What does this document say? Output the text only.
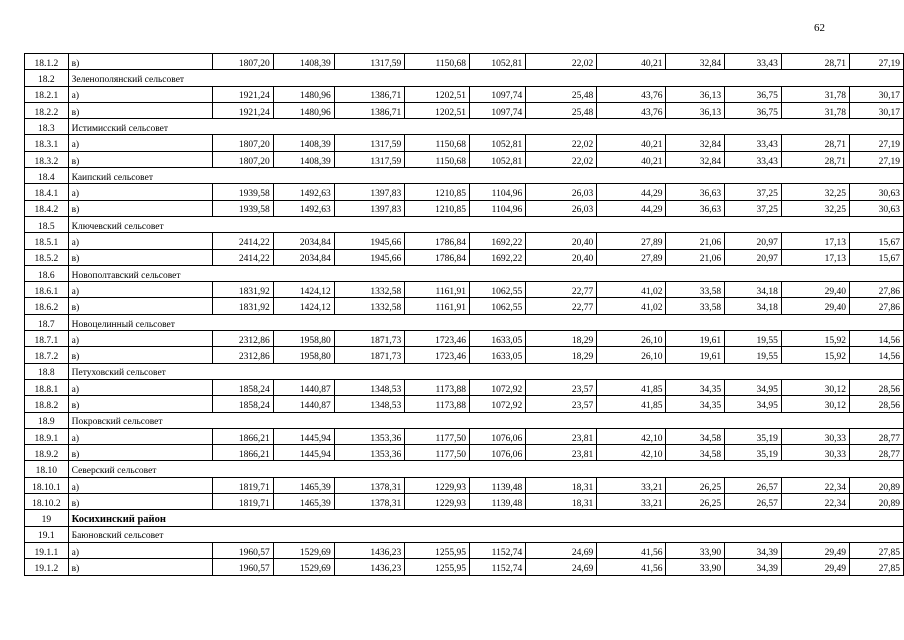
62
18.1.2	в)	1807,20	1408,39	1317,59	1150,68	1052,81	22,02	40,21	32,84	33,43	28,71	27,19
18.2	Зеленополянский сельсовет											
18.2.1	а)	1921,24	1480,96	1386,71	1202,51	1097,74	25,48	43,76	36,13	36,75	31,78	30,17
18.2.2	в)	1921,24	1480,96	1386,71	1202,51	1097,74	25,48	43,76	36,13	36,75	31,78	30,17
18.3	Истимисский сельсовет											
18.3.1	а)	1807,20	1408,39	1317,59	1150,68	1052,81	22,02	40,21	32,84	33,43	28,71	27,19
18.3.2	в)	1807,20	1408,39	1317,59	1150,68	1052,81	22,02	40,21	32,84	33,43	28,71	27,19
18.4	Каипский сельсовет											
18.4.1	а)	1939,58	1492,63	1397,83	1210,85	1104,96	26,03	44,29	36,63	37,25	32,25	30,63
18.4.2	в)	1939,58	1492,63	1397,83	1210,85	1104,96	26,03	44,29	36,63	37,25	32,25	30,63
18.5	Ключевский сельсовет											
18.5.1	а)	2414,22	2034,84	1945,66	1786,84	1692,22	20,40	27,89	21,06	20,97	17,13	15,67
18.5.2	в)	2414,22	2034,84	1945,66	1786,84	1692,22	20,40	27,89	21,06	20,97	17,13	15,67
18.6	Новополтавский сельсовет											
18.6.1	а)	1831,92	1424,12	1332,58	1161,91	1062,55	22,77	41,02	33,58	34,18	29,40	27,86
18.6.2	в)	1831,92	1424,12	1332,58	1161,91	1062,55	22,77	41,02	33,58	34,18	29,40	27,86
18.7	Новоцелинный сельсовет											
18.7.1	а)	2312,86	1958,80	1871,73	1723,46	1633,05	18,29	26,10	19,61	19,55	15,92	14,56
18.7.2	в)	2312,86	1958,80	1871,73	1723,46	1633,05	18,29	26,10	19,61	19,55	15,92	14,56
18.8	Петуховский сельсовет											
18.8.1	а)	1858,24	1440,87	1348,53	1173,88	1072,92	23,57	41,85	34,35	34,95	30,12	28,56
18.8.2	в)	1858,24	1440,87	1348,53	1173,88	1072,92	23,57	41,85	34,35	34,95	30,12	28,56
18.9	Покровский сельсовет											
18.9.1	а)	1866,21	1445,94	1353,36	1177,50	1076,06	23,81	42,10	34,58	35,19	30,33	28,77
18.9.2	в)	1866,21	1445,94	1353,36	1177,50	1076,06	23,81	42,10	34,58	35,19	30,33	28,77
18.10	Северский сельсовет											
18.10.1	а)	1819,71	1465,39	1378,31	1229,93	1139,48	18,31	33,21	26,25	26,57	22,34	20,89
18.10.2	в)	1819,71	1465,39	1378,31	1229,93	1139,48	18,31	33,21	26,25	26,57	22,34	20,89
19	Косихинский район											
19.1	Баюновский сельсовет											
19.1.1	а)	1960,57	1529,69	1436,23	1255,95	1152,74	24,69	41,56	33,90	34,39	29,49	27,85
19.1.2	в)	1960,57	1529,69	1436,23	1255,95	1152,74	24,69	41,56	33,90	34,39	29,49	27,85
